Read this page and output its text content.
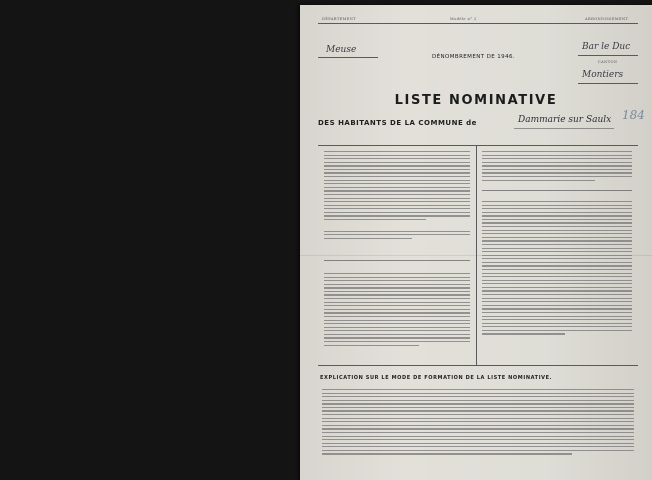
DÉPARTEMENT	Modèle n° 2	ARRONDISSEMENT
Meuse
DÉNOMBREMENT DE 1946.
Bar le Duc
CANTON
Montiers
LISTE NOMINATIVE
DES HABITANTS DE LA COMMUNE de	Dammarie sur Saulx 184
EXPLICATION SUR LE MODE DE FORMATION DE LA LISTE NOMINATIVE.
